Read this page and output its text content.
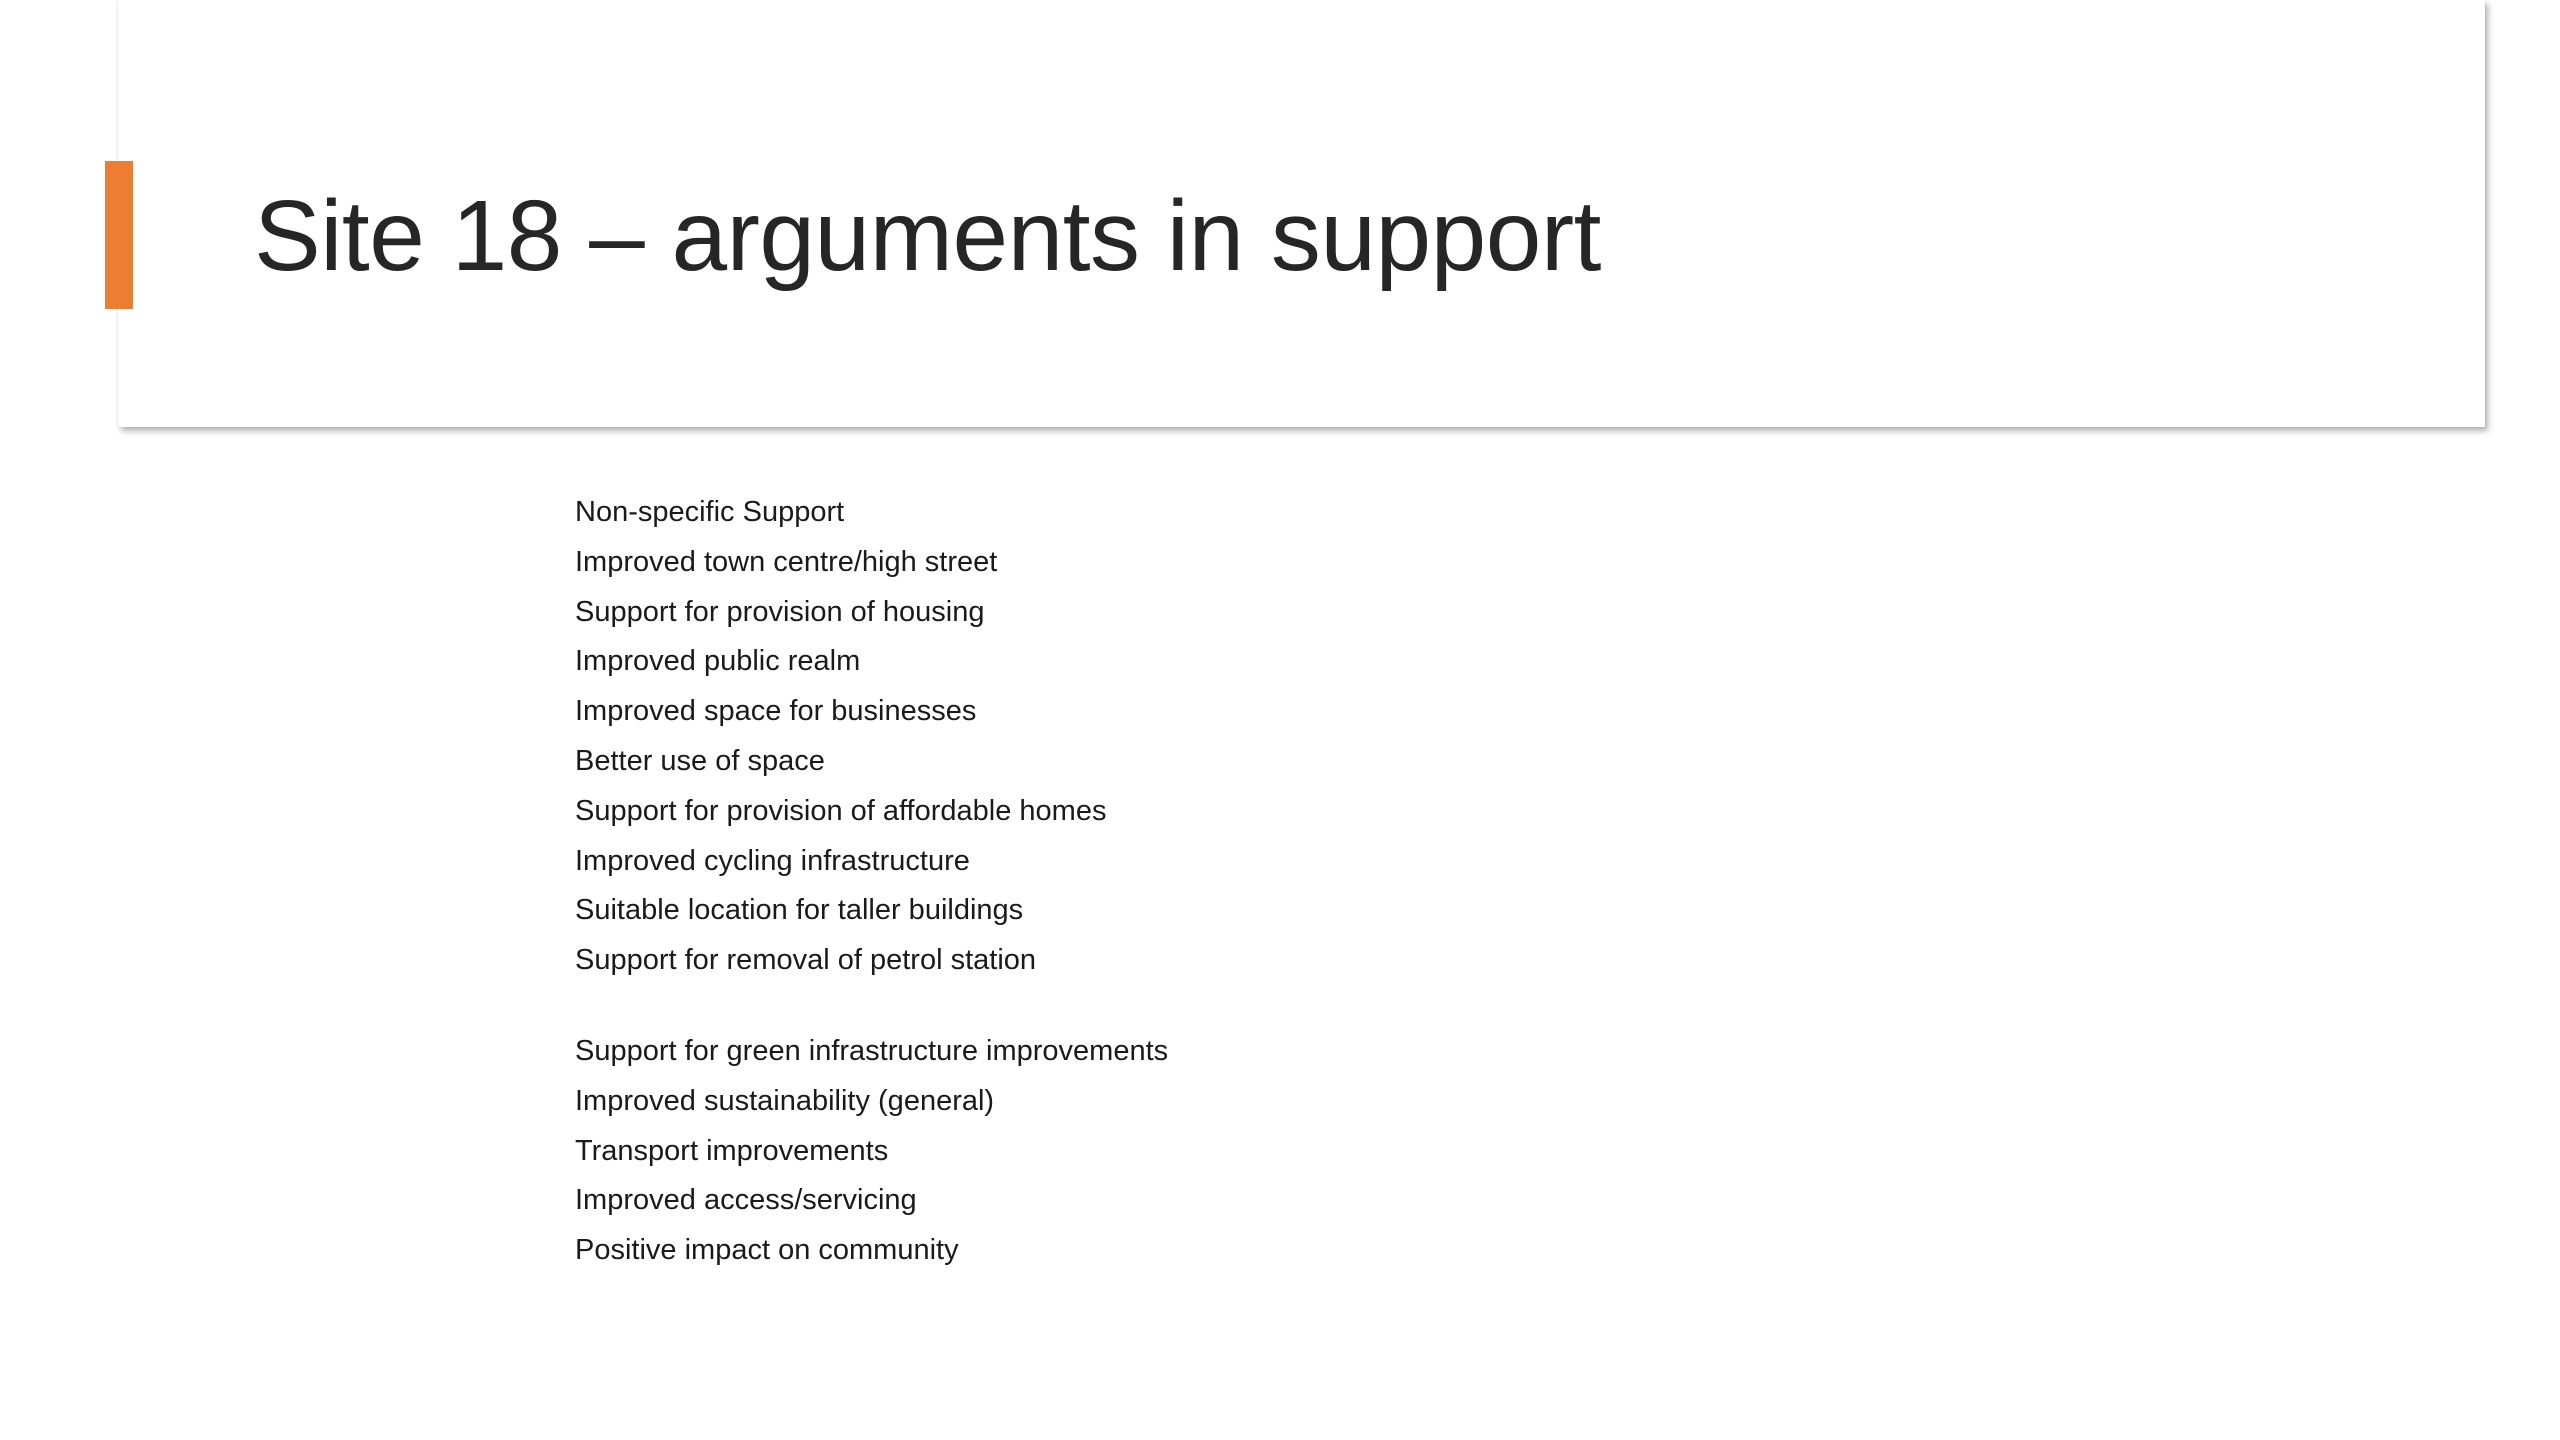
Site 18 – arguments in support
Non-specific Support
Improved town centre/high street
Support for provision of housing
Improved public realm
Improved space for businesses
Better use of space
Support for provision of affordable homes
Improved cycling infrastructure
Suitable location for taller buildings
Support for removal of petrol station
Support for green infrastructure improvements
Improved sustainability (general)
Transport improvements
Improved access/servicing
Positive impact on community
